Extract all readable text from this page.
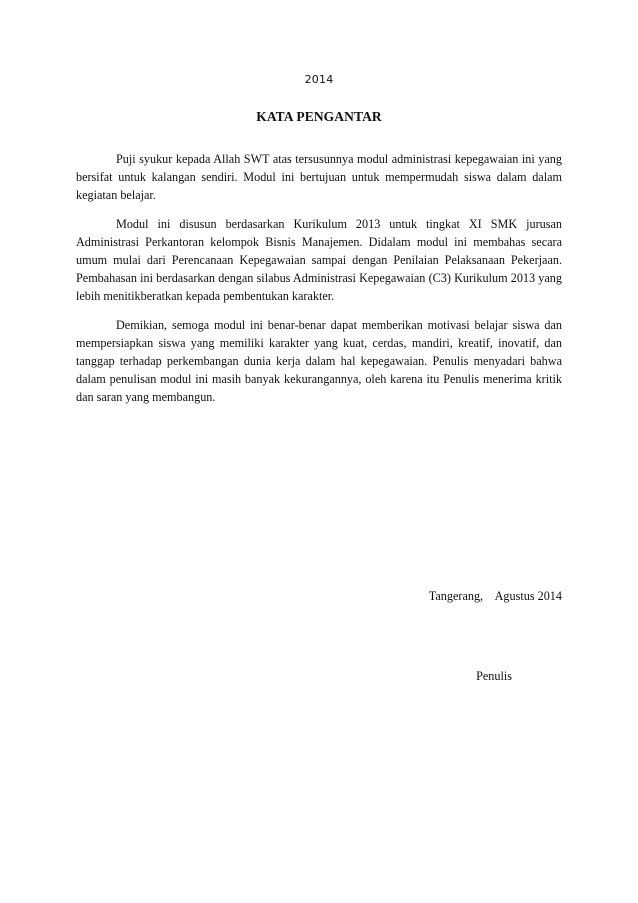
2014
KATA PENGANTAR

Puji syukur kepada Allah SWT atas tersusunnya modul administrasi kepegawaian ini yang bersifat untuk kalangan sendiri. Modul ini bertujuan untuk mempermudah siswa dalam dalam kegiatan belajar.

Modul ini disusun berdasarkan Kurikulum 2013 untuk tingkat XI SMK jurusan Administrasi Perkantoran kelompok Bisnis Manajemen. Didalam modul ini membahas secara umum mulai dari Perencanaan Kepegawaian sampai dengan Penilaian Pelaksanaan Pekerjaan. Pembahasan ini berdasarkan dengan silabus Administrasi Kepegawaian (C3) Kurikulum 2013 yang lebih menitikberatkan kepada pembentukan karakter.

Demikian, semoga modul ini benar-benar dapat memberikan motivasi belajar siswa dan mempersiapkan siswa yang memiliki karakter yang kuat, cerdas, mandiri, kreatif, inovatif, dan tanggap terhadap perkembangan dunia kerja dalam hal kepegawaian. Penulis menyadari bahwa dalam penulisan modul ini masih banyak kekurangannya, oleh karena itu Penulis menerima kritik dan saran yang membangun.

Tangerang,    Agustus 2014
Penulis
